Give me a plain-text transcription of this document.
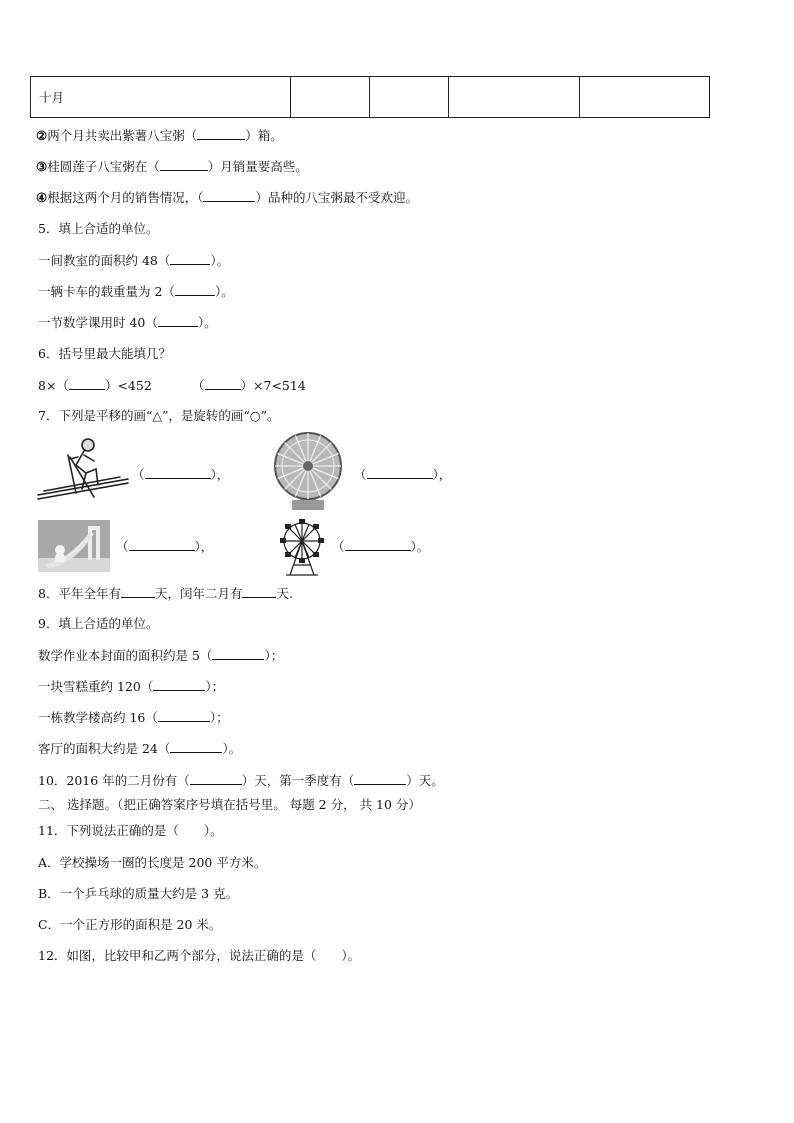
十月				
②两个月共卖出紫薯八宝粥（	）箱。
③桂圆莲子八宝粥在（	）月销量要高些。
④根据这两个月的销售情况，（	）品种的八宝粥最不受欢迎。
5．填上合适的单位。
一间教室的面积约 48（	）。
一辆卡车的载重量为 2（	）。
一节数学课用时 40（	）。
6．括号里最大能填几？
8×（	）<452	（	）×7<514
7．下列是平移的画“△”，是旋转的画“○”。
（	），	（	），
（	），	（	）。
8．平年全年有	天，闰年二月有	天.
9．填上合适的单位。
数学作业本封面的面积约是 5（	）；
一块雪糕重约 120（	）；
一栋教学楼高约 16（	）；
客厅的面积大约是 24（	）。
10．2016 年的二月份有（	）天，第一季度有（	）天。
二、 选择题。（把正确答案序号填在括号里。 每题 2 分， 共 10 分）
11．下列说法正确的是（　　）。
A．学校操场一圈的长度是 200 平方米。
B．一个乒乓球的质量大约是 3 克。
C．一个正方形的面积是 20 米。
12．如图，比较甲和乙两个部分，说法正确的是（　　）。
